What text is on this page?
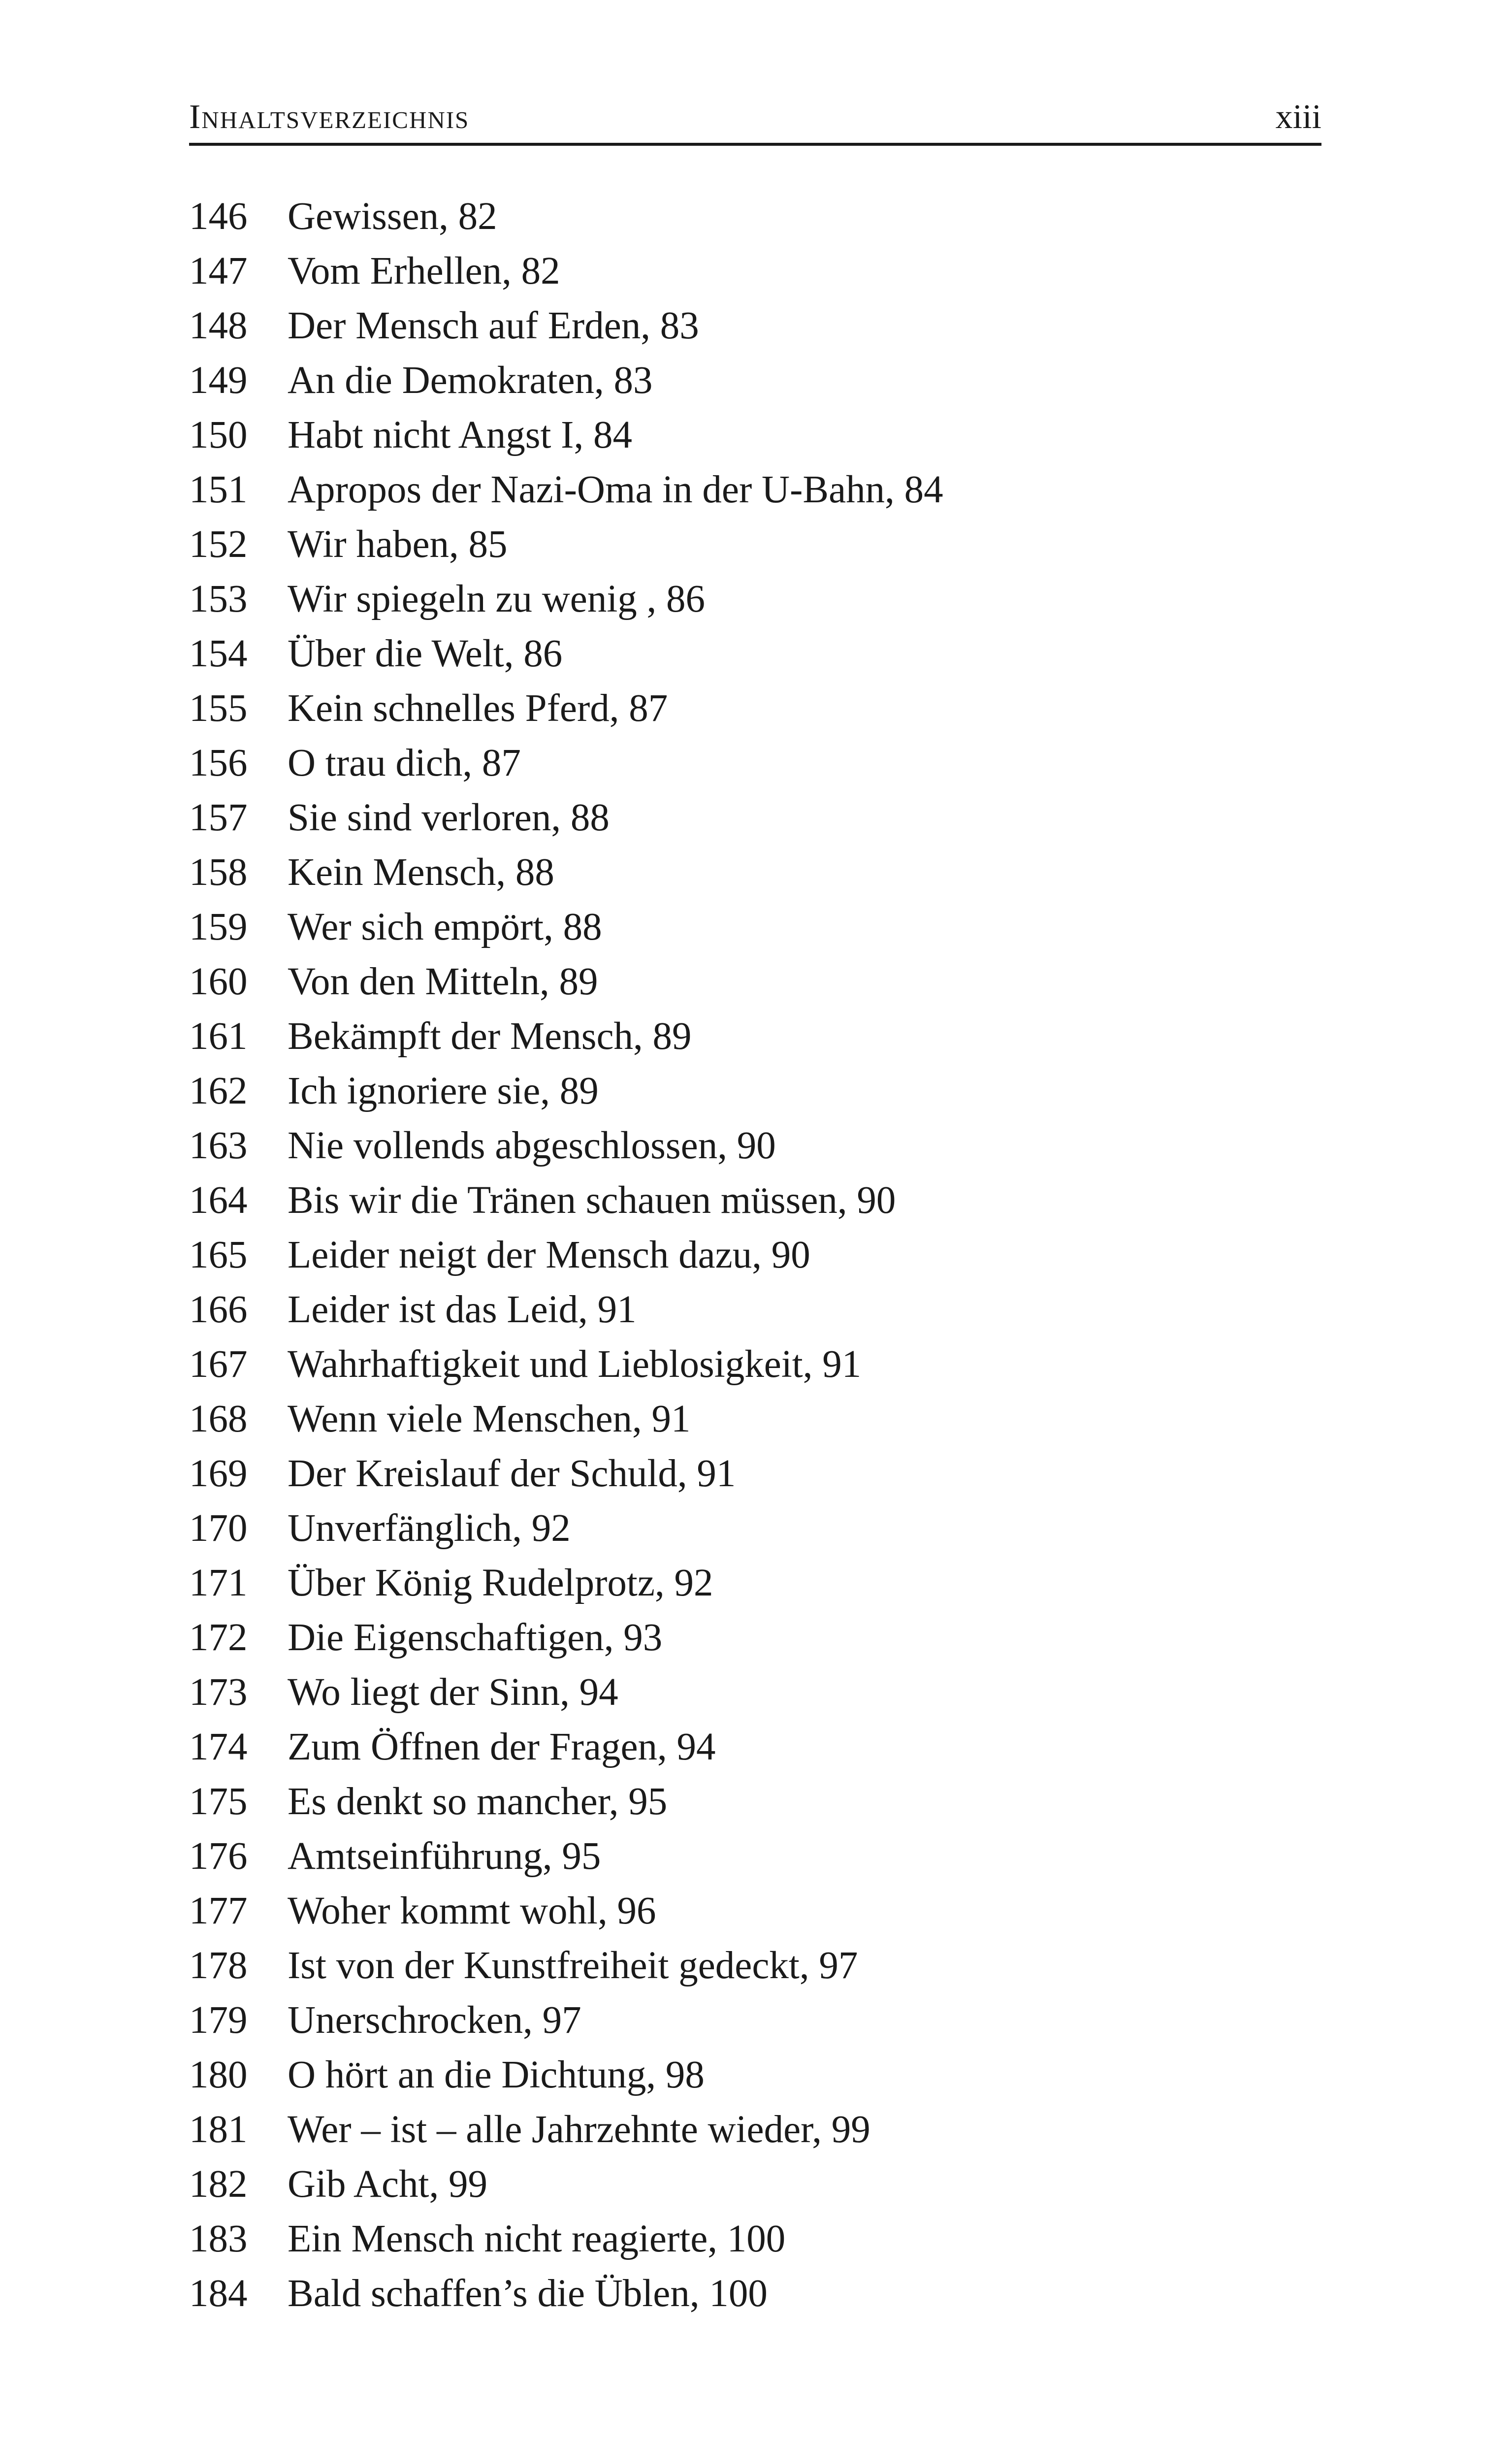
Inhaltsverzeichnis	xiii
146 Gewissen, 82
147 Vom Erhellen, 82
148 Der Mensch auf Erden, 83
149 An die Demokraten, 83
150 Habt nicht Angst I, 84
151 Apropos der Nazi-Oma in der U-Bahn, 84
152 Wir haben, 85
153 Wir spiegeln zu wenig , 86
154 Über die Welt, 86
155 Kein schnelles Pferd, 87
156 O trau dich, 87
157 Sie sind verloren, 88
158 Kein Mensch, 88
159 Wer sich empört, 88
160 Von den Mitteln, 89
161 Bekämpft der Mensch, 89
162 Ich ignoriere sie, 89
163 Nie vollends abgeschlossen, 90
164 Bis wir die Tränen schauen müssen, 90
165 Leider neigt der Mensch dazu, 90
166 Leider ist das Leid, 91
167 Wahrhaftigkeit und Lieblosigkeit, 91
168 Wenn viele Menschen, 91
169 Der Kreislauf der Schuld, 91
170 Unverfänglich, 92
171 Über König Rudelprotz, 92
172 Die Eigenschaftigen, 93
173 Wo liegt der Sinn, 94
174 Zum Öffnen der Fragen, 94
175 Es denkt so mancher, 95
176 Amtseinführung, 95
177 Woher kommt wohl, 96
178 Ist von der Kunstfreiheit gedeckt, 97
179 Unerschrocken, 97
180 O hört an die Dichtung, 98
181 Wer – ist – alle Jahrzehnte wieder, 99
182 Gib Acht, 99
183 Ein Mensch nicht reagierte, 100
184 Bald schaffen’s die Üblen, 100
